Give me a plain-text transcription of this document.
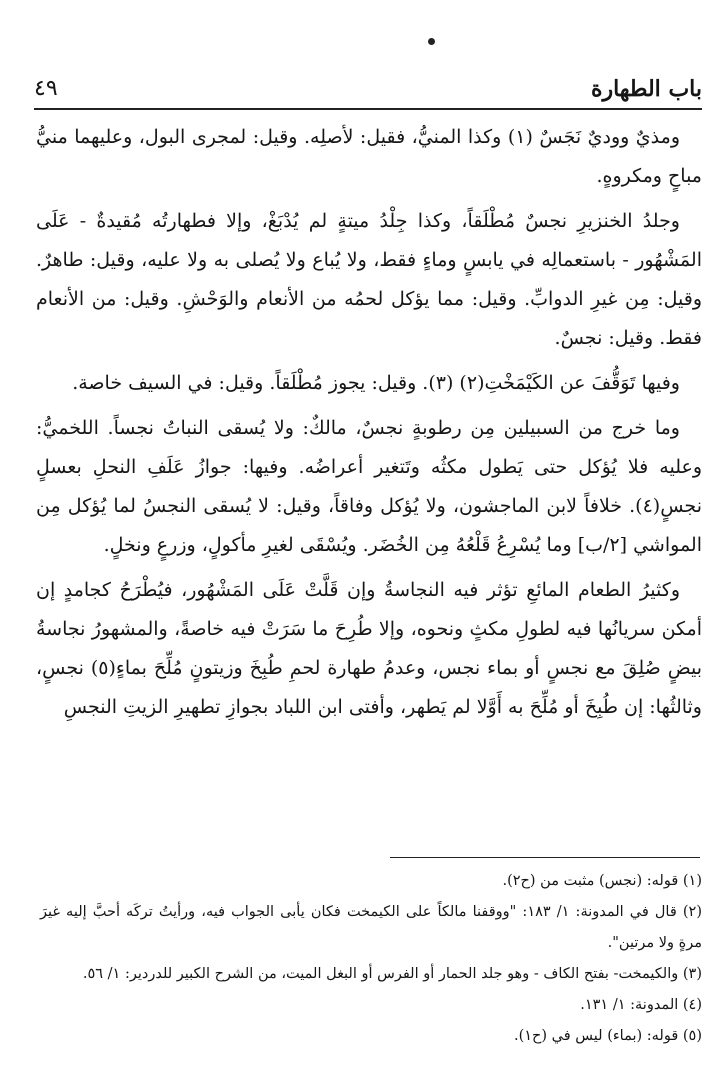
باب الطهارة
٤٩

ومذيٌ ووديٌ نَجَسٌ (١) وكذا المنيُّ، فقيل: لأصلِه. وقيل: لمجرى البول، وعليهما منيُّ مباحٍ ومكروهٍ.

وجلدُ الخنزيرِ نجسٌ مُطْلَقاً، وكذا جِلْدُ ميتةٍ لم يُدْبَغْ، وإلا فطهارتُه مُقيدةٌ - عَلَى المَشْهُور - باستعمالِه في يابسٍ وماءٍ فقط، ولا يُباع ولا يُصلى به ولا عليه، وقيل: طاهرٌ. وقيل: مِن غيرِ الدوابِّ. وقيل: مما يؤكل لحمُه من الأنعام والوَحْشِ. وقيل: من الأنعام فقط. وقيل: نجسٌ.

وفيها تَوَقُّفَ عن الكَيْمَخْتِ(٢) (٣). وقيل: يجوز مُطْلَقاً. وقيل: في السيف خاصة.

وما خرج من السبيلين مِن رطوبةٍ نجسٌ، مالكٌ: ولا يُسقى النباتُ نجساً. اللخميُّ: وعليه فلا يُؤكل حتى يَطول مكثُه وتَتغير أعراضُه. وفيها: جوازُ عَلَفِ النحلِ بعسلٍ نجسٍ(٤). خلافاً لابن الماجشون، ولا يُؤكل وفاقاً، وقيل: لا يُسقى النجسُ لما يُؤكل مِن المواشي [٢/ب] وما يُسْرِعُ قَلْعُهُ مِن الخُضَر. ويُسْقَى لغيرِ مأكولٍ، وزرعٍ ونخلٍ.

وكثيرُ الطعام المائعِ تؤثر فيه النجاسةُ وإن قَلَّتْ عَلَى المَشْهُور، فيُطْرَحُ كجامدٍ إن أمكن سريانُها فيه لطولِ مكثٍ ونحوه، وإلا طُرِحَ ما سَرَتْ فيه خاصةً، والمشهورُ نجاسةُ بيضٍ صُلِقَ مع نجسٍ أو بماء نجس، وعدمُ طهارة لحمِ طُبِخَ وزيتونٍ مُلِّحَ بماءٍ(٥) نجسٍ، وثالثُها: إن طُبِخَ أو مُلِّحَ به أَوَّلا لم يَطهر، وأفتى ابن اللباد بجوازِ تطهيرِ الزيتِ النجسِ

(١) قوله: (نجس) مثبت من (ح٢).

(٢) قال في المدونة: ١/ ١٨٣: "ووقفنا مالكاً على الكيمخت فكان يأبى الجواب فيه، ورأيتُ تركَه أحبَّ إليه غيرَ مرةٍ ولا مرتين".

(٣) والكيمخت- بفتح الكاف - وهو جلد الحمار أو الفرس أو البغل الميت، من الشرح الكبير للدردير: ١/ ٥٦.

(٤) المدونة: ١/ ١٣١.

(٥) قوله: (بماء) ليس في (ح١).
